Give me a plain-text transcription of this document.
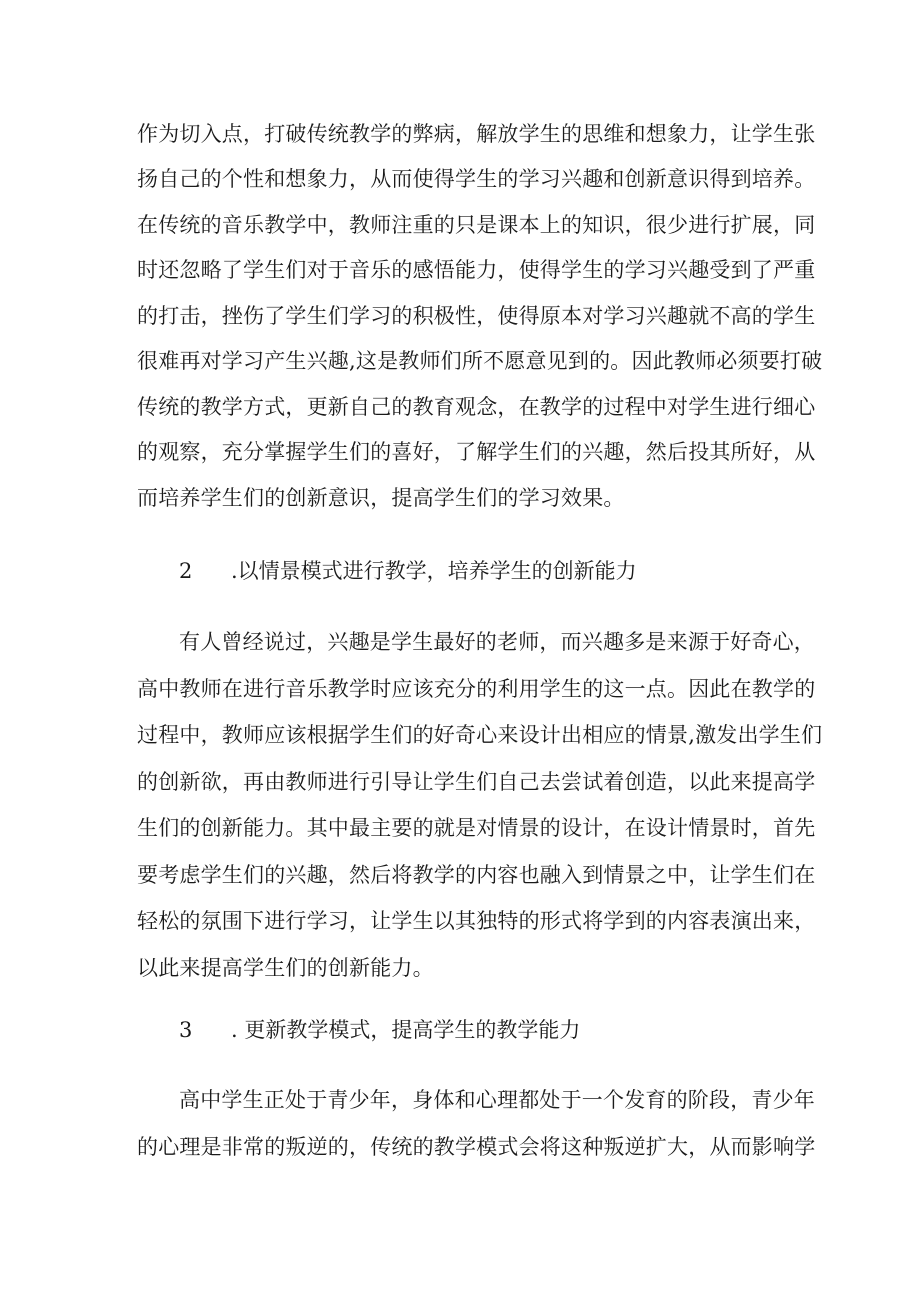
作为切入点，打破传统教学的弊病，解放学生的思维和想象力，让学生张
扬自己的个性和想象力，从而使得学生的学习兴趣和创新意识得到培养。
在传统的音乐教学中，教师注重的只是课本上的知识，很少进行扩展，同
时还忽略了学生们对于音乐的感悟能力，使得学生的学习兴趣受到了严重
的打击，挫伤了学生们学习的积极性，使得原本对学习兴趣就不高的学生
很难再对学习产生兴趣,这是教师们所不愿意见到的。因此教师必须要打破
传统的教学方式，更新自己的教育观念，在教学的过程中对学生进行细心
的观察，充分掌握学生们的喜好，了解学生们的兴趣，然后投其所好，从
而培养学生们的创新意识，提高学生们的学习效果。
2 .以情景模式进行教学，培养学生的创新能力
有人曾经说过，兴趣是学生最好的老师，而兴趣多是来源于好奇心，
高中教师在进行音乐教学时应该充分的利用学生的这一点。因此在教学的
过程中，教师应该根据学生们的好奇心来设计出相应的情景,激发出学生们
的创新欲，再由教师进行引导让学生们自己去尝试着创造，以此来提高学
生们的创新能力。其中最主要的就是对情景的设计，在设计情景时，首先
要考虑学生们的兴趣，然后将教学的内容也融入到情景之中，让学生们在
轻松的氛围下进行学习，让学生以其独特的形式将学到的内容表演出来，
以此来提高学生们的创新能力。
3 . 更新教学模式，提高学生的教学能力
高中学生正处于青少年，身体和心理都处于一个发育的阶段，青少年
的心理是非常的叛逆的，传统的教学模式会将这种叛逆扩大，从而影响学
